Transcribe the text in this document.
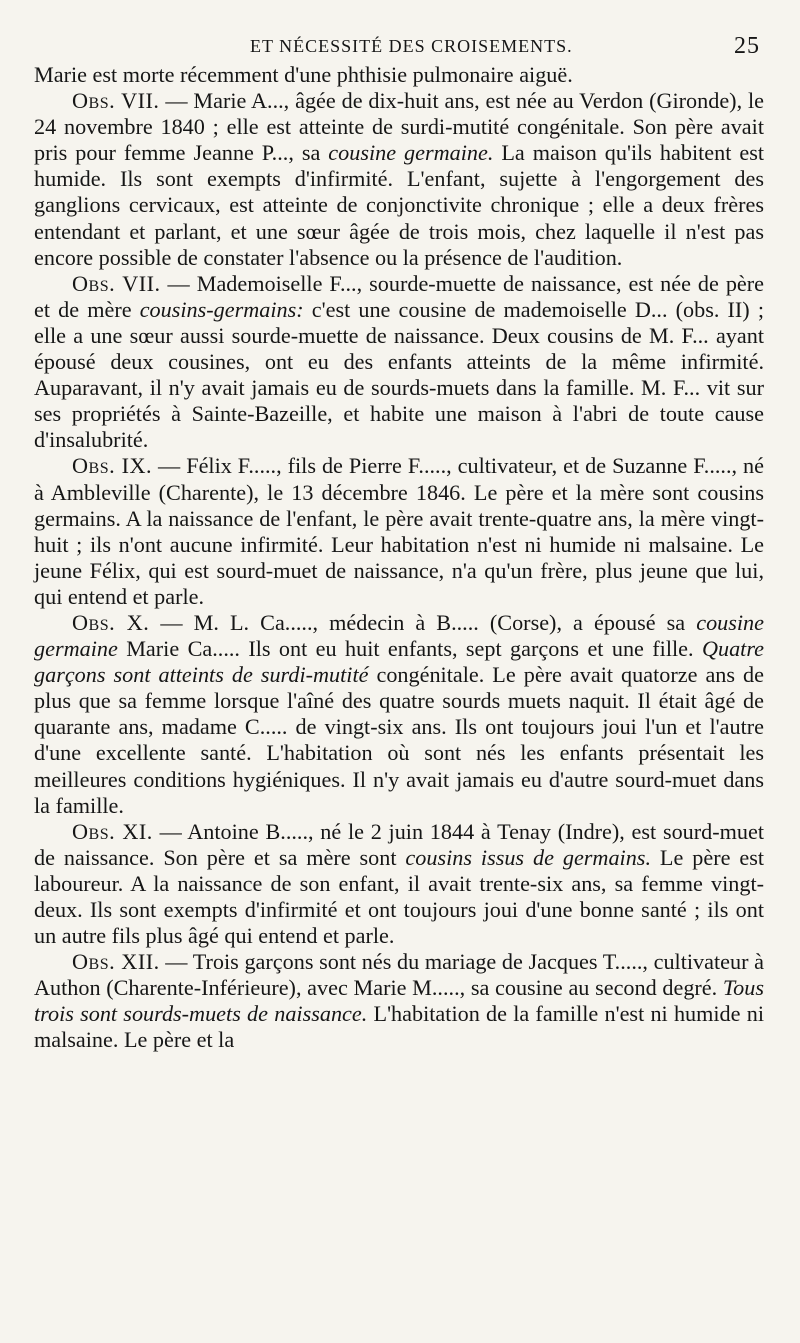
ET NÉCESSITÉ DES CROISEMENTS.	25

Marie est morte récemment d'une phthisie pulmonaire aiguë.

Obs. VII. — Marie A..., âgée de dix-huit ans, est née au Verdon (Gironde), le 24 novembre 1840 ; elle est atteinte de surdi-mutité congénitale. Son père avait pris pour femme Jeanne P..., sa cousine germaine. La maison qu'ils habitent est humide. Ils sont exempts d'infirmité. L'enfant, sujette à l'engorgement des ganglions cervicaux, est atteinte de conjonctivite chronique ; elle a deux frères entendant et parlant, et une sœur âgée de trois mois, chez laquelle il n'est pas encore possible de constater l'absence ou la présence de l'audition.

Obs. VII. — Mademoiselle F..., sourde-muette de naissance, est née de père et de mère cousins-germains: c'est une cousine de mademoiselle D... (obs. II) ; elle a une sœur aussi sourde-muette de naissance. Deux cousins de M. F... ayant épousé deux cousines, ont eu des enfants atteints de la même infirmité. Auparavant, il n'y avait jamais eu de sourds-muets dans la famille. M. F... vit sur ses propriétés à Sainte-Bazeille, et habite une maison à l'abri de toute cause d'insalubrité.

Obs. IX. — Félix F....., fils de Pierre F....., cultivateur, et de Suzanne F....., né à Ambleville (Charente), le 13 décembre 1846. Le père et la mère sont cousins germains. A la naissance de l'enfant, le père avait trente-quatre ans, la mère vingt-huit ; ils n'ont aucune infirmité. Leur habitation n'est ni humide ni malsaine. Le jeune Félix, qui est sourd-muet de naissance, n'a qu'un frère, plus jeune que lui, qui entend et parle.

Obs. X. — M. L. Ca....., médecin à B..... (Corse), a épousé sa cousine germaine Marie Ca..... Ils ont eu huit enfants, sept garçons et une fille. Quatre garçons sont atteints de surdi-mutité congénitale. Le père avait quatorze ans de plus que sa femme lorsque l'aîné des quatre sourds muets naquit. Il était âgé de quarante ans, madame C..... de vingt-six ans. Ils ont toujours joui l'un et l'autre d'une excellente santé. L'habitation où sont nés les enfants présentait les meilleures conditions hygiéniques. Il n'y avait jamais eu d'autre sourd-muet dans la famille.

Obs. XI. — Antoine B....., né le 2 juin 1844 à Tenay (Indre), est sourd-muet de naissance. Son père et sa mère sont cousins issus de germains. Le père est laboureur. A la naissance de son enfant, il avait trente-six ans, sa femme vingt-deux. Ils sont exempts d'infirmité et ont toujours joui d'une bonne santé ; ils ont un autre fils plus âgé qui entend et parle.

Obs. XII. — Trois garçons sont nés du mariage de Jacques T....., cultivateur à Authon (Charente-Inférieure), avec Marie M....., sa cousine au second degré. Tous trois sont sourds-muets de naissance. L'habitation de la famille n'est ni humide ni malsaine. Le père et la
